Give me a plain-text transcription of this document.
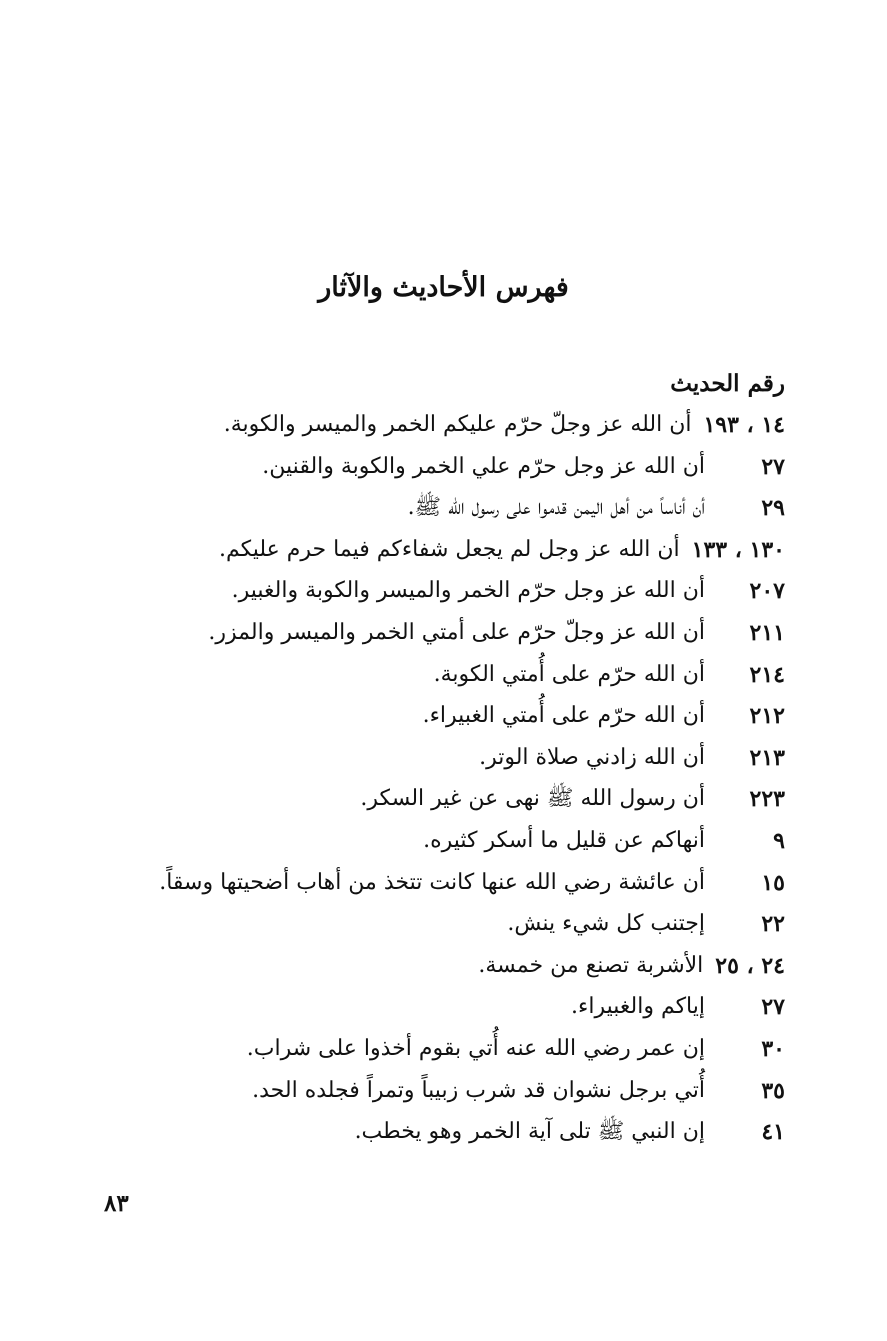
فهرس الأحاديث والآثار
رقم الحديث
١٤ ، ١٩٣أن الله عز وجلّ حرّم عليكم الخمر والميسر والكوبة.
٢٧أن الله عز وجل حرّم علي الخمر والكوبة والقنين.
٢٩أن أناساً من أهل اليمن قدموا على رسول الله ﷺ.
١٣٠ ، ١٣٣أن الله عز وجل لم يجعل شفاءكم فيما حرم عليكم.
٢٠٧أن الله عز وجل حرّم الخمر والميسر والكوبة والغبير.
٢١١أن الله عز وجلّ حرّم على أمتي الخمر والميسر والمزر.
٢١٤أن الله حرّم على أُمتي الكوبة.
٢١٢أن الله حرّم على أُمتي الغبيراء.
٢١٣أن الله زادني صلاة الوتر.
٢٢٣أن رسول الله ﷺ نهى عن غير السكر.
٩أنهاكم عن قليل ما أسكر كثيره.
١٥أن عائشة رضي الله عنها كانت تتخذ من أهاب أضحيتها وسقاً.
٢٢إجتنب كل شيء ينش.
٢٤ ، ٢٥الأشربة تصنع من خمسة.
٢٧إياكم والغبيراء.
٣٠إن عمر رضي الله عنه أُتي بقوم أخذوا على شراب.
٣٥أُتي برجل نشوان قد شرب زبيباً وتمراً فجلده الحد.
٤١إن النبي ﷺ تلى آية الخمر وهو يخطب.
٨٣
